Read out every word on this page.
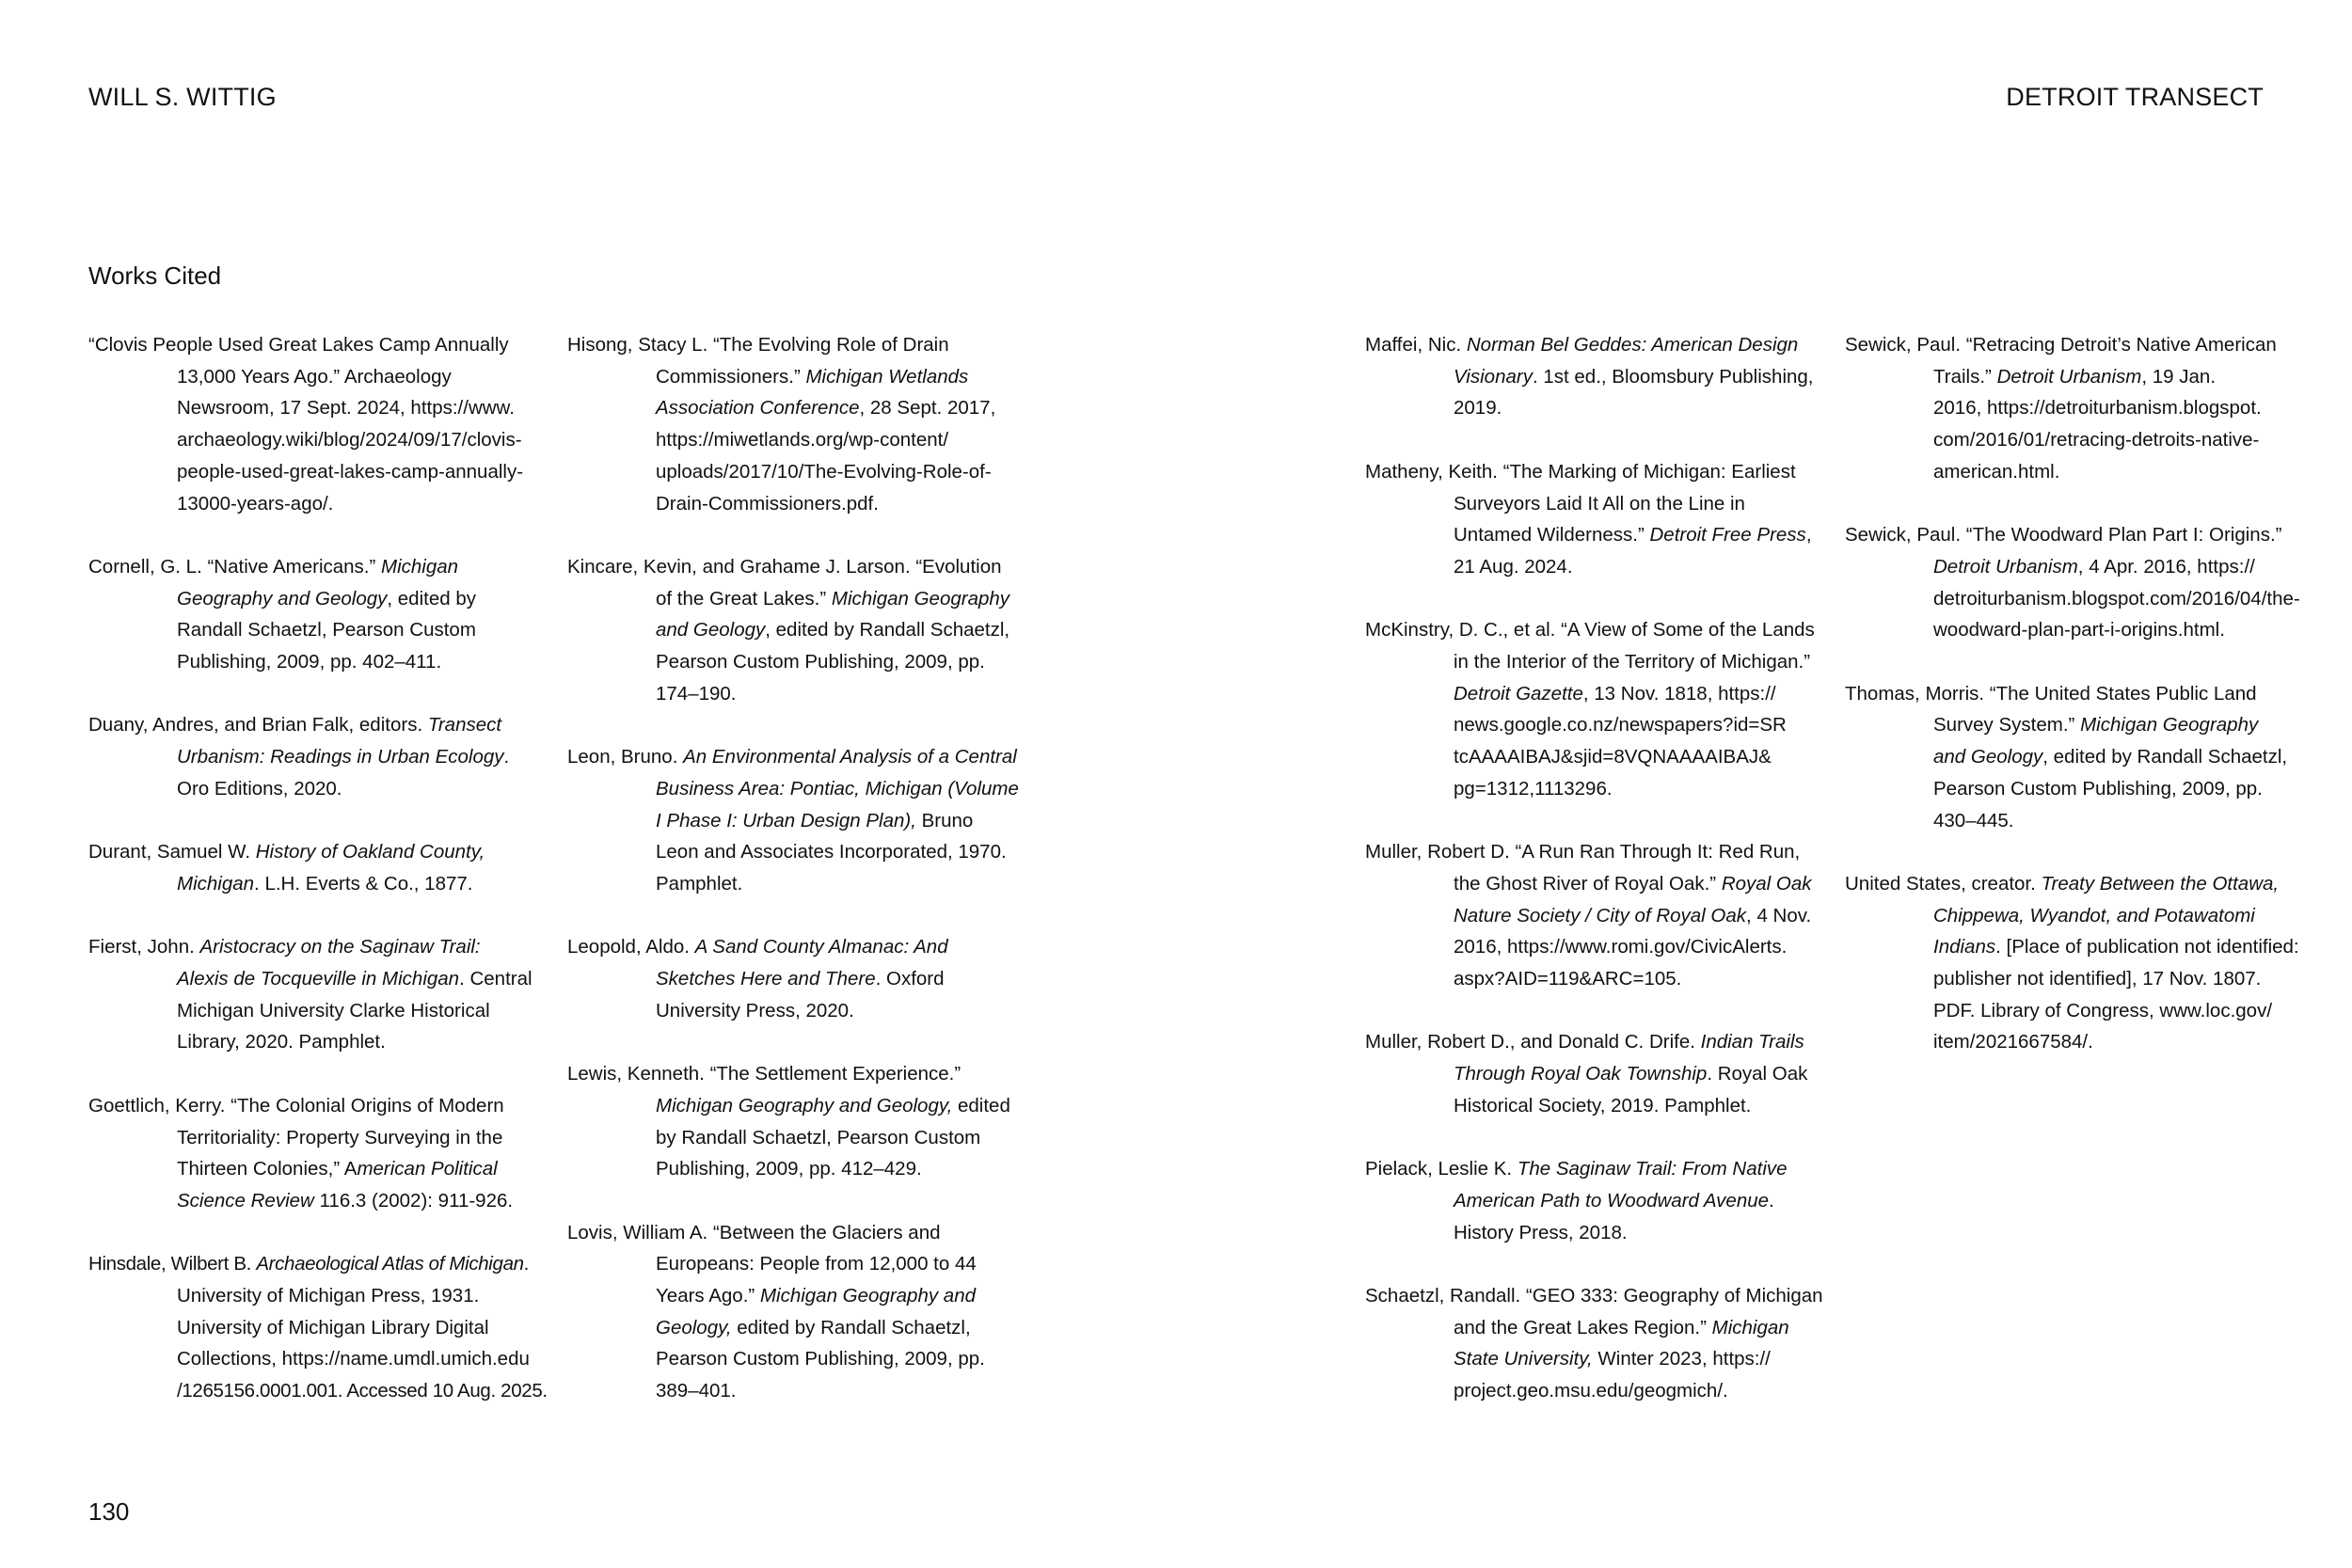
WILL S. WITTIG	DETROIT TRANSECT
Works Cited
“Clovis People Used Great Lakes Camp Annually
13,000 Years Ago.” Archaeology
Newsroom, 17 Sept. 2024, https://www.
archaeology.wiki/blog/2024/09/17/clovis-
people-used-great-lakes-camp-annually-
13000-years-ago/.
Cornell, G. L. “Native Americans.” Michigan
Geography and Geology, edited by
Randall Schaetzl, Pearson Custom
Publishing, 2009, pp. 402–411.
Duany, Andres, and Brian Falk, editors. Transect
Urbanism: Readings in Urban Ecology.
Oro Editions, 2020.
Durant, Samuel W. History of Oakland County,
Michigan. L.H. Everts & Co., 1877.
Fierst, John. Aristocracy on the Saginaw Trail:
Alexis de Tocqueville in Michigan. Central
Michigan University Clarke Historical
Library, 2020. Pamphlet.
Goettlich, Kerry. “The Colonial Origins of Modern
Territoriality: Property Surveying in the
Thirteen Colonies,” American Political
Science Review 116.3 (2002): 911-926.
Hinsdale, Wilbert B. Archaeological Atlas of Michigan.
University of Michigan Press, 1931.
University of Michigan Library Digital
Collections, https://name.umdl.umich.edu
/1265156.0001.001. Accessed 10 Aug. 2025.
Hisong, Stacy L. “The Evolving Role of Drain
Commissioners.” Michigan Wetlands
Association Conference, 28 Sept. 2017,
https://miwetlands.org/wp-content/
uploads/2017/10/The-Evolving-Role-of-
Drain-Commissioners.pdf.
Kincare, Kevin, and Grahame J. Larson. “Evolution
of the Great Lakes.” Michigan Geography
and Geology, edited by Randall Schaetzl,
Pearson Custom Publishing, 2009, pp.
174–190.
Leon, Bruno. An Environmental Analysis of a Central
Business Area: Pontiac, Michigan (Volume
I Phase I: Urban Design Plan), Bruno
Leon and Associates Incorporated, 1970.
Pamphlet.
Leopold, Aldo. A Sand County Almanac: And
Sketches Here and There. Oxford
University Press, 2020.
Lewis, Kenneth. “The Settlement Experience.”
Michigan Geography and Geology, edited
by Randall Schaetzl, Pearson Custom
Publishing, 2009, pp. 412–429.
Lovis, William A. “Between the Glaciers and
Europeans: People from 12,000 to 44
Years Ago.” Michigan Geography and
Geology, edited by Randall Schaetzl,
Pearson Custom Publishing, 2009, pp.
389–401.
Maffei, Nic. Norman Bel Geddes: American Design
Visionary. 1st ed., Bloomsbury Publishing,
2019.
Matheny, Keith. “The Marking of Michigan: Earliest
Surveyors Laid It All on the Line in
Untamed Wilderness.” Detroit Free Press,
21 Aug. 2024.
McKinstry, D. C., et al. “A View of Some of the Lands
in the Interior of the Territory of Michigan.”
Detroit Gazette, 13 Nov. 1818, https://
news.google.co.nz/newspapers?id=SR
tcAAAAIBAJ&sjid=8VQNAAAAIBAJ&
pg=1312,1113296.
Muller, Robert D. “A Run Ran Through It: Red Run,
the Ghost River of Royal Oak.” Royal Oak
Nature Society / City of Royal Oak, 4 Nov.
2016, https://www.romi.gov/CivicAlerts.
aspx?AID=119&ARC=105.
Muller, Robert D., and Donald C. Drife. Indian Trails
Through Royal Oak Township. Royal Oak
Historical Society, 2019. Pamphlet.
Pielack, Leslie K. The Saginaw Trail: From Native
American Path to Woodward Avenue.
History Press, 2018.
Schaetzl, Randall. “GEO 333: Geography of Michigan
and the Great Lakes Region.” Michigan
State University, Winter 2023, https://
project.geo.msu.edu/geogmich/.
Sewick, Paul. “Retracing Detroit’s Native American
Trails.” Detroit Urbanism, 19 Jan.
2016, https://detroiturbanism.blogspot.
com/2016/01/retracing-detroits-native-
american.html.
Sewick, Paul. “The Woodward Plan Part I: Origins.”
Detroit Urbanism, 4 Apr. 2016, https://
detroiturbanism.blogspot.com/2016/04/the-
woodward-plan-part-i-origins.html.
Thomas, Morris. “The United States Public Land
Survey System.” Michigan Geography
and Geology, edited by Randall Schaetzl,
Pearson Custom Publishing, 2009, pp.
430–445.
United States, creator. Treaty Between the Ottawa,
Chippewa, Wyandot, and Potawatomi
Indians. [Place of publication not identified:
publisher not identified], 17 Nov. 1807.
PDF. Library of Congress, www.loc.gov/
item/2021667584/.
130
